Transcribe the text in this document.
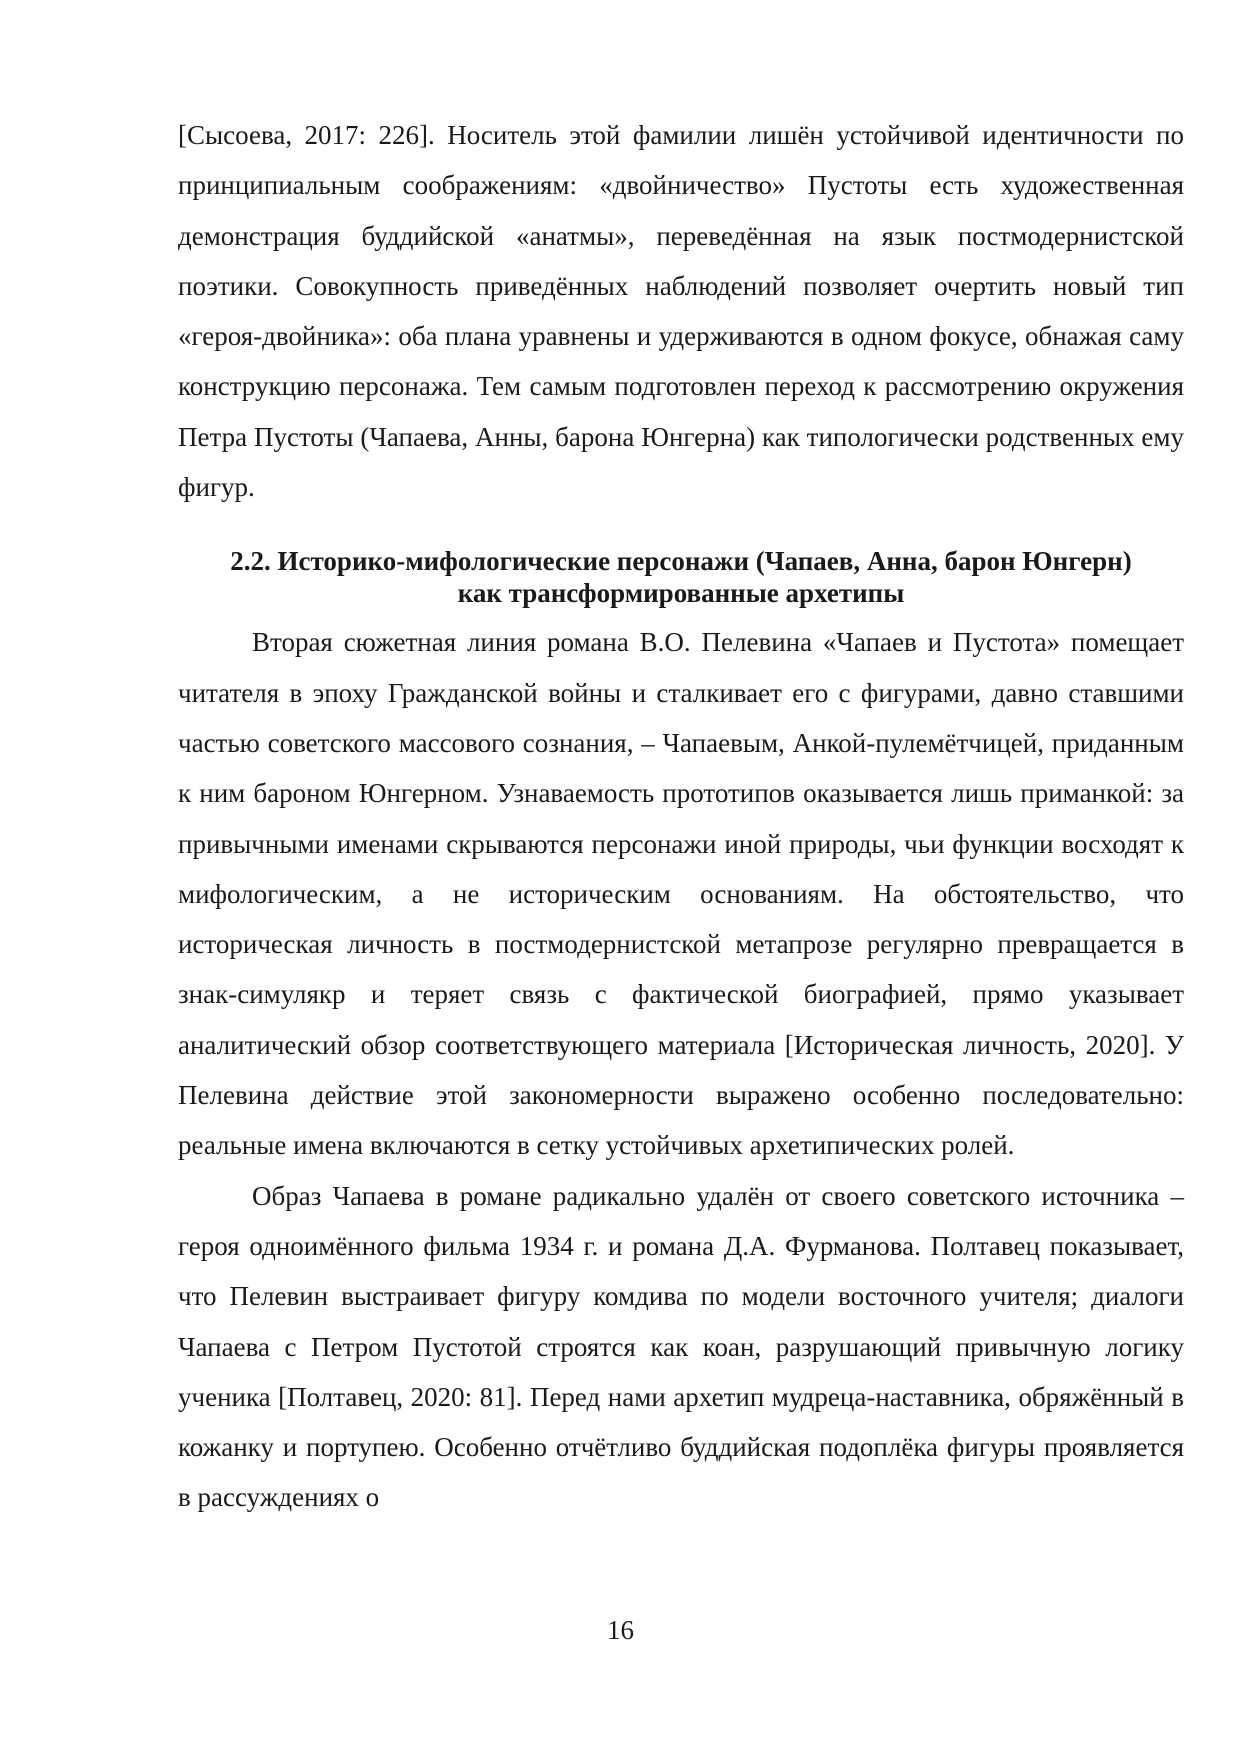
[Сысоева, 2017: 226]. Носитель этой фамилии лишён устойчивой идентичности по принципиальным соображениям: «двойничество» Пустоты есть художественная демонстрация буддийской «анатмы», переведённая на язык постмодернистской поэтики. Совокупность приведённых наблюдений позволяет очертить новый тип «героя-двойника»: оба плана уравнены и удерживаются в одном фокусе, обнажая саму конструкцию персонажа. Тем самым подготовлен переход к рассмотрению окружения Петра Пустоты (Чапаева, Анны, барона Юнгерна) как типологически родственных ему фигур.

2.2. Историко-мифологические персонажи (Чапаев, Анна, барон Юнгерн)

как трансформированные архетипы

Вторая сюжетная линия романа В.О. Пелевина «Чапаев и Пустота» помещает читателя в эпоху Гражданской войны и сталкивает его с фигурами, давно ставшими частью советского массового сознания, – Чапаевым, Анкой-пулемётчицей, приданным к ним бароном Юнгерном. Узнаваемость прототипов оказывается лишь приманкой: за привычными именами скрываются персонажи иной природы, чьи функции восходят к мифологическим, а не историческим основаниям. На обстоятельство, что историческая личность в постмодернистской метапрозе регулярно превращается в знак-симулякр и теряет связь с фактической биографией, прямо указывает аналитический обзор соответствующего материала [Историческая личность, 2020]. У Пелевина действие этой закономерности выражено особенно последовательно: реальные имена включаются в сетку устойчивых архетипических ролей.

Образ Чапаева в романе радикально удалён от своего советского источника – героя одноимённого фильма 1934 г. и романа Д.А. Фурманова. Полтавец показывает, что Пелевин выстраивает фигуру комдива по модели восточного учителя; диалоги Чапаева с Петром Пустотой строятся как коан, разрушающий привычную логику ученика [Полтавец, 2020: 81]. Перед нами архетип мудреца-наставника, обряжённый в кожанку и портупею. Особенно отчётливо буддийская подоплёка фигуры проявляется в рассуждениях о

16
